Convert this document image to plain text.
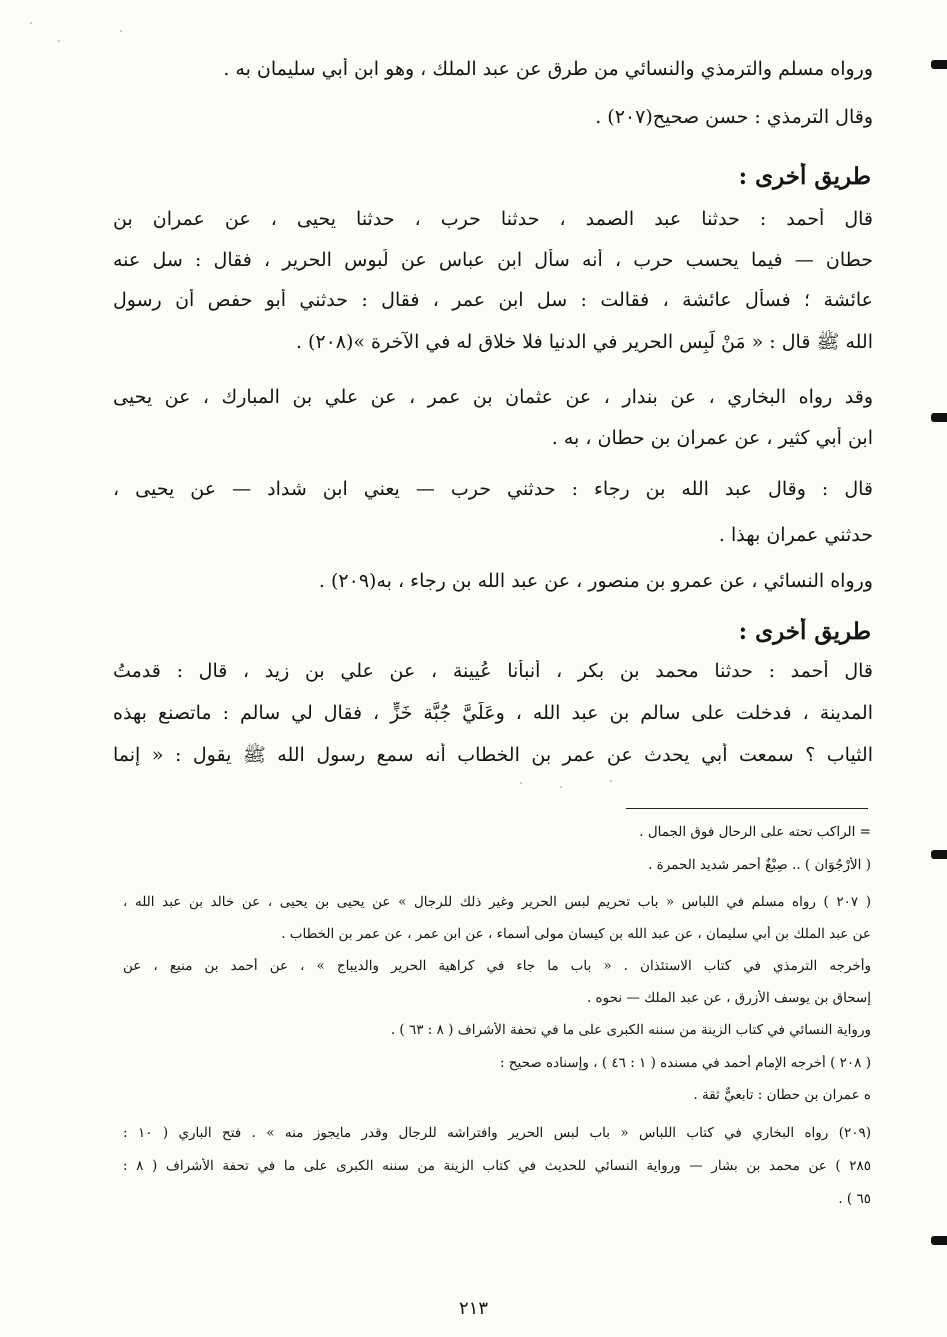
ورواه مسلم والترمذي والنسائي من طرق عن عبد الملك ، وهو ابن أبي سليمان به .
وقال الترمذي : حسن صحيح(٢٠٧) .
طريق أخرى :
قال أحمد : حدثنا عبد الصمد ، حدثنا حرب ، حدثنا يحيى ، عن عمران بن
حطان — فيما يحسب حرب ، أنه سأل ابن عباس عن لُبوس الحرير ، فقال : سل عنه
عائشة ؛ فسأل عائشة ، فقالت : سل ابن عمر ، فقال : حدثني أبو حفص أن رسول
الله ﷺ قال : « مَنْ لَبِس الحرير في الدنيا فلا خلاق له في الآخرة »(٢٠٨) .
وقد رواه البخاري ، عن بندار ، عن عثمان بن عمر ، عن علي بن المبارك ، عن يحيى
ابن أبي كثير ، عن عمران بن حطان ، به .
قال : وقال عبد الله بن رجاء : حدثني حرب — يعني ابن شداد — عن يحيى ،
حدثني عمران بهذا .
ورواه النسائي ، عن عمرو بن منصور ، عن عبد الله بن رجاء ، به(٢٠٩) .
طريق أخرى :
قال أحمد : حدثنا محمد بن بكر ، أنبأنا عُيينة ، عن علي بن زيد ، قال : قدمتُ
المدينة ، فدخلت على سالم بن عبد الله ، وعَلَيَّ جُبَّة خَزٍّ ، فقال لي سالم : ماتصنع بهذه
الثياب ؟ سمعت أبي يحدث عن عمر بن الخطاب أنه سمع رسول الله ﷺ يقول : « إنما
= الراكب تحته على الرحال فوق الجمال .
( الأرْجُوَان ) .. صِبْغٌ أحمر شديد الحمرة .
( ٢٠٧ ) رواه مسلم في اللباس « باب تحريم لبس الحرير وغير ذلك للرجال » عن يحيى بن يحيى ، عن خالد بن عبد الله ،
عن عبد الملك بن أبي سليمان ، عن عبد الله بن كيسان مولى أسماء ، عن ابن عمر ، عن عمر بن الخطاب .
وأخرجه الترمذي في كتاب الاستئذان . « باب ما جاء في كراهية الحرير والديباج » ، عن أحمد بن منيع ، عن
إسحاق بن يوسف الأزرق ، عن عبد الملك — نحوه .
ورواية النسائي في كتاب الزينة من سننه الكبرى على ما في تحفة الأشراف ( ٨ : ٦٣ ) .
( ٢٠٨ ) أخرجه الإمام أحمد في مسنده ( ١ : ٤٦ ) ، وإسناده صحيح :
ه عمران بن حطان : تابعيٌّ ثقة .
(٢٠٩) رواه البخاري في كتاب اللباس « باب لبس الحرير وافتراشه للرجال وقدر مايجوز منه » . فتح الباري ( ١٠ :
٢٨٥ ) عن محمد بن بشار — ورواية النسائي للحديث في كتاب الزينة من سننه الكبرى على ما في تحفة الأشراف ( ٨ :
٦٥ ) .
٢١٣
